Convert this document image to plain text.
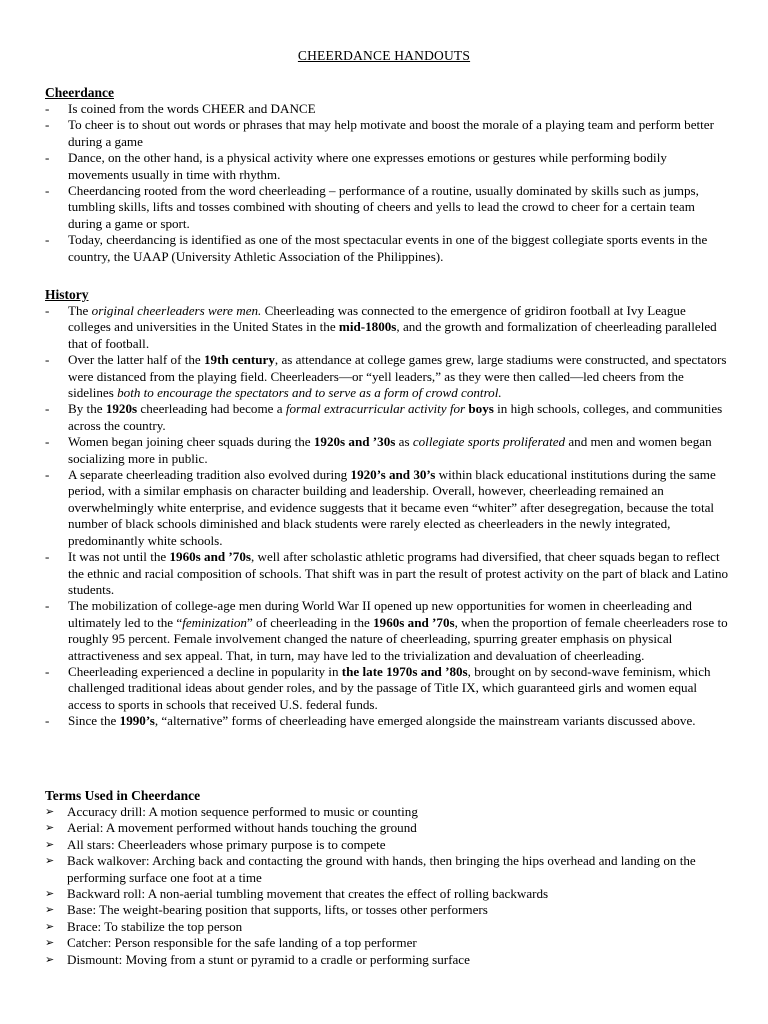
CHEERDANCE HANDOUTS
Cheerdance
- Is coined from the words CHEER and DANCE
- To cheer is to shout out words or phrases that may help motivate and boost the morale of a playing team and perform better during a game
- Dance, on the other hand, is a physical activity where one expresses emotions or gestures while performing bodily movements usually in time with rhythm.
- Cheerdancing rooted from the word cheerleading – performance of a routine, usually dominated by skills such as jumps, tumbling skills, lifts and tosses combined with shouting of cheers and yells to lead the crowd to cheer for a certain team during a game or sport.
- Today, cheerdancing is identified as one of the most spectacular events in one of the biggest collegiate sports events in the country, the UAAP (University Athletic Association of the Philippines).
History
- The original cheerleaders were men. Cheerleading was connected to the emergence of gridiron football at Ivy League colleges and universities in the United States in the mid-1800s, and the growth and formalization of cheerleading paralleled that of football.
- Over the latter half of the 19th century, as attendance at college games grew, large stadiums were constructed, and spectators were distanced from the playing field. Cheerleaders—or “yell leaders,” as they were then called—led cheers from the sidelines both to encourage the spectators and to serve as a form of crowd control.
- By the 1920s cheerleading had become a formal extracurricular activity for boys in high schools, colleges, and communities across the country.
- Women began joining cheer squads during the 1920s and ’30s as collegiate sports proliferated and men and women began socializing more in public.
- A separate cheerleading tradition also evolved during 1920’s and 30’s within black educational institutions during the same period, with a similar emphasis on character building and leadership. Overall, however, cheerleading remained an overwhelmingly white enterprise, and evidence suggests that it became even “whiter” after desegregation, because the total number of black schools diminished and black students were rarely elected as cheerleaders in the newly integrated, predominantly white schools.
- It was not until the 1960s and ’70s, well after scholastic athletic programs had diversified, that cheer squads began to reflect the ethnic and racial composition of schools. That shift was in part the result of protest activity on the part of black and Latino students.
- The mobilization of college-age men during World War II opened up new opportunities for women in cheerleading and ultimately led to the “feminization” of cheerleading in the 1960s and ’70s, when the proportion of female cheerleaders rose to roughly 95 percent. Female involvement changed the nature of cheerleading, spurring greater emphasis on physical attractiveness and sex appeal. That, in turn, may have led to the trivialization and devaluation of cheerleading.
- Cheerleading experienced a decline in popularity in the late 1970s and ’80s, brought on by second-wave feminism, which challenged traditional ideas about gender roles, and by the passage of Title IX, which guaranteed girls and women equal access to sports in schools that received U.S. federal funds.
- Since the 1990’s, “alternative” forms of cheerleading have emerged alongside the mainstream variants discussed above.
Terms Used in Cheerdance
➢ Accuracy drill: A motion sequence performed to music or counting
➢ Aerial: A movement performed without hands touching the ground
➢ All stars: Cheerleaders whose primary purpose is to compete
➢ Back walkover: Arching back and contacting the ground with hands, then bringing the hips overhead and landing on the performing surface one foot at a time
➢ Backward roll: A non-aerial tumbling movement that creates the effect of rolling backwards
➢ Base: The weight-bearing position that supports, lifts, or tosses other performers
➢ Brace: To stabilize the top person
➢ Catcher: Person responsible for the safe landing of a top performer
➢ Dismount: Moving from a stunt or pyramid to a cradle or performing surface
